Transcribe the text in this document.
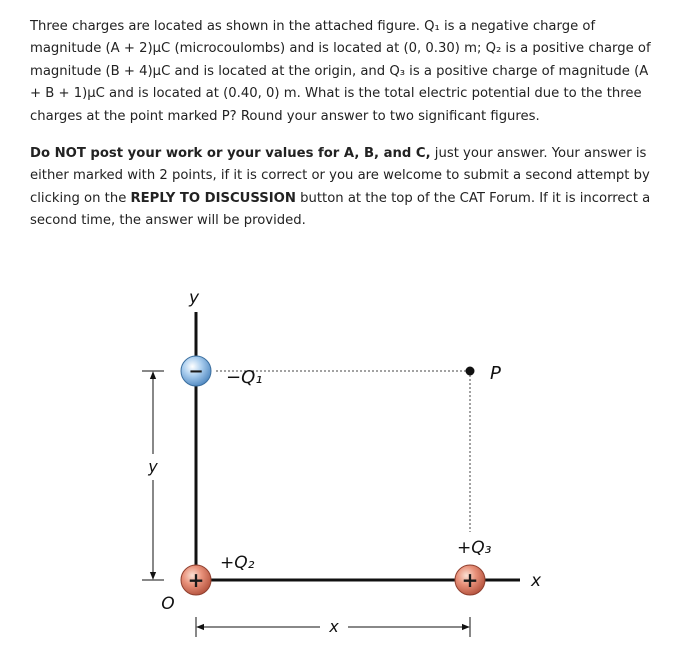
Three charges are located as shown in the attached figure. Q₁ is a negative charge of magnitude (A + 2)μC (microcoulombs) and is located at (0, 0.30) m; Q₂ is a positive charge of magnitude (B + 4)μC and is located at the origin, and Q₃ is a positive charge of magnitude (A + B + 1)μC and is located at (0.40, 0) m. What is the total electric potential due to the three charges at the point marked P? Round your answer to two significant figures.

Do NOT post your work or your values for A, B, and C, just your answer. Your answer is either marked with 2 points, if it is correct or you are welcome to submit a second attempt by clicking on the REPLY TO DISCUSSION button at the top of the CAT Forum. If it is incorrect a second time, the answer will be provided.

y
x
O
P
y
x
− −Q₁
+
+Q₂
+
+Q₃
